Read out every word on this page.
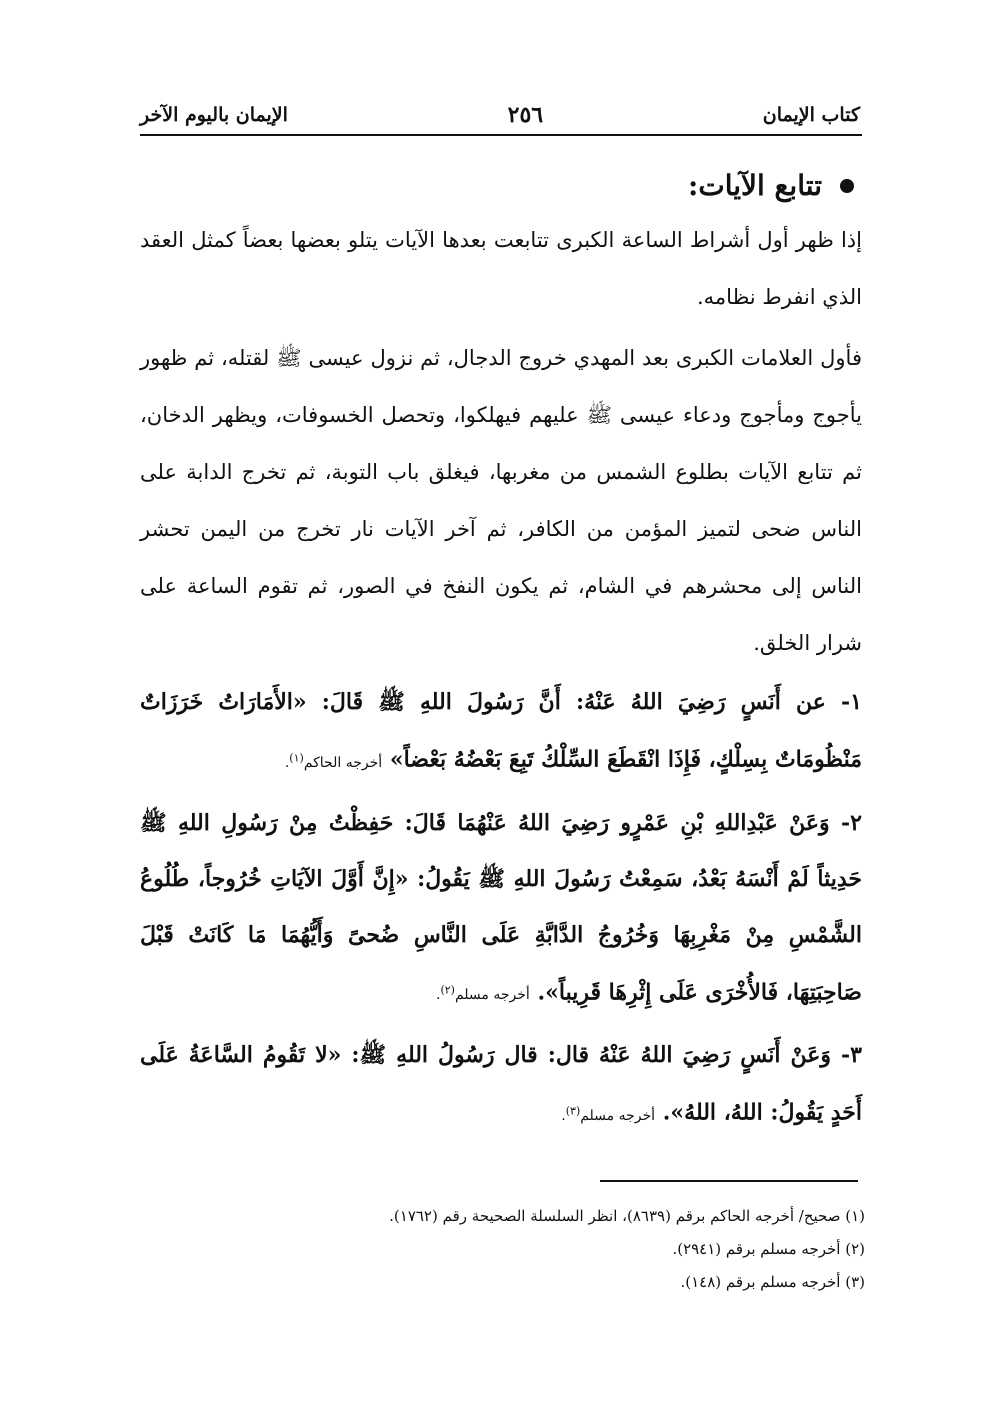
كتاب الإيمان
٢٥٦
الإيمان باليوم الآخر
تتابع الآيات:

إذا ظهر أول أشراط الساعة الكبرى تتابعت بعدها الآيات يتلو بعضها بعضاً كمثل العقد الذي انفرط نظامه.

فأول العلامات الكبرى بعد المهدي خروج الدجال، ثم نزول عيسى ﷺ لقتله، ثم ظهور يأجوج ومأجوج ودعاء عيسى ﷺ عليهم فيهلكوا، وتحصل الخسوفات، ويظهر الدخان، ثم تتابع الآيات بطلوع الشمس من مغربها، فيغلق باب التوبة، ثم تخرج الدابة على الناس ضحى لتميز المؤمن من الكافر، ثم آخر الآيات نار تخرج من اليمن تحشر الناس إلى محشرهم في الشام، ثم يكون النفخ في الصور، ثم تقوم الساعة على شرار الخلق.

١- عن أَنَسٍ رَضِيَ اللهُ عَنْهُ: أَنَّ رَسُولَ اللهِ ﷺ قَالَ: «الأَمَارَاتُ خَرَزَاتٌ مَنْظُومَاتٌ بِسِلْكٍ، فَإِذَا انْقَطَعَ السِّلْكُ تَبِعَ بَعْضُهُ بَعْضاً» أخرجه الحاكم$^{(١)}$.

٢- وَعَنْ عَبْدِاللهِ بْنِ عَمْرٍو رَضِيَ اللهُ عَنْهُمَا قَالَ: حَفِظْتُ مِنْ رَسُولِ اللهِ ﷺ حَدِيثاً لَمْ أَنْسَهُ بَعْدُ، سَمِعْتُ رَسُولَ اللهِ ﷺ يَقُولُ: «إِنَّ أَوَّلَ الآيَاتِ خُرُوجاً، طُلُوعُ الشَّمْسِ مِنْ مَغْرِبِهَا وَخُرُوجُ الدَّابَّةِ عَلَى النَّاسِ ضُحىً وَأَيُّهُمَا مَا كَانَتْ قَبْلَ صَاحِبَتِهَا، فَالأُخْرَى عَلَى إِثْرِهَا قَرِيباً». أخرجه مسلم$^{(٢)}$.

٣- وَعَنْ أَنَسٍ رَضِيَ اللهُ عَنْهُ قال: قال رَسُولُ اللهِ ﷺ: «لا تَقُومُ السَّاعَةُ عَلَى أَحَدٍ يَقُولُ: اللهُ، اللهُ». أخرجه مسلم$^{(٣)}$.

(١) صحيح/ أخرجه الحاكم برقم (٨٦٣٩)، انظر السلسلة الصحيحة رقم (١٧٦٢).
(٢) أخرجه مسلم برقم (٢٩٤١).
(٣) أخرجه مسلم برقم (١٤٨).
